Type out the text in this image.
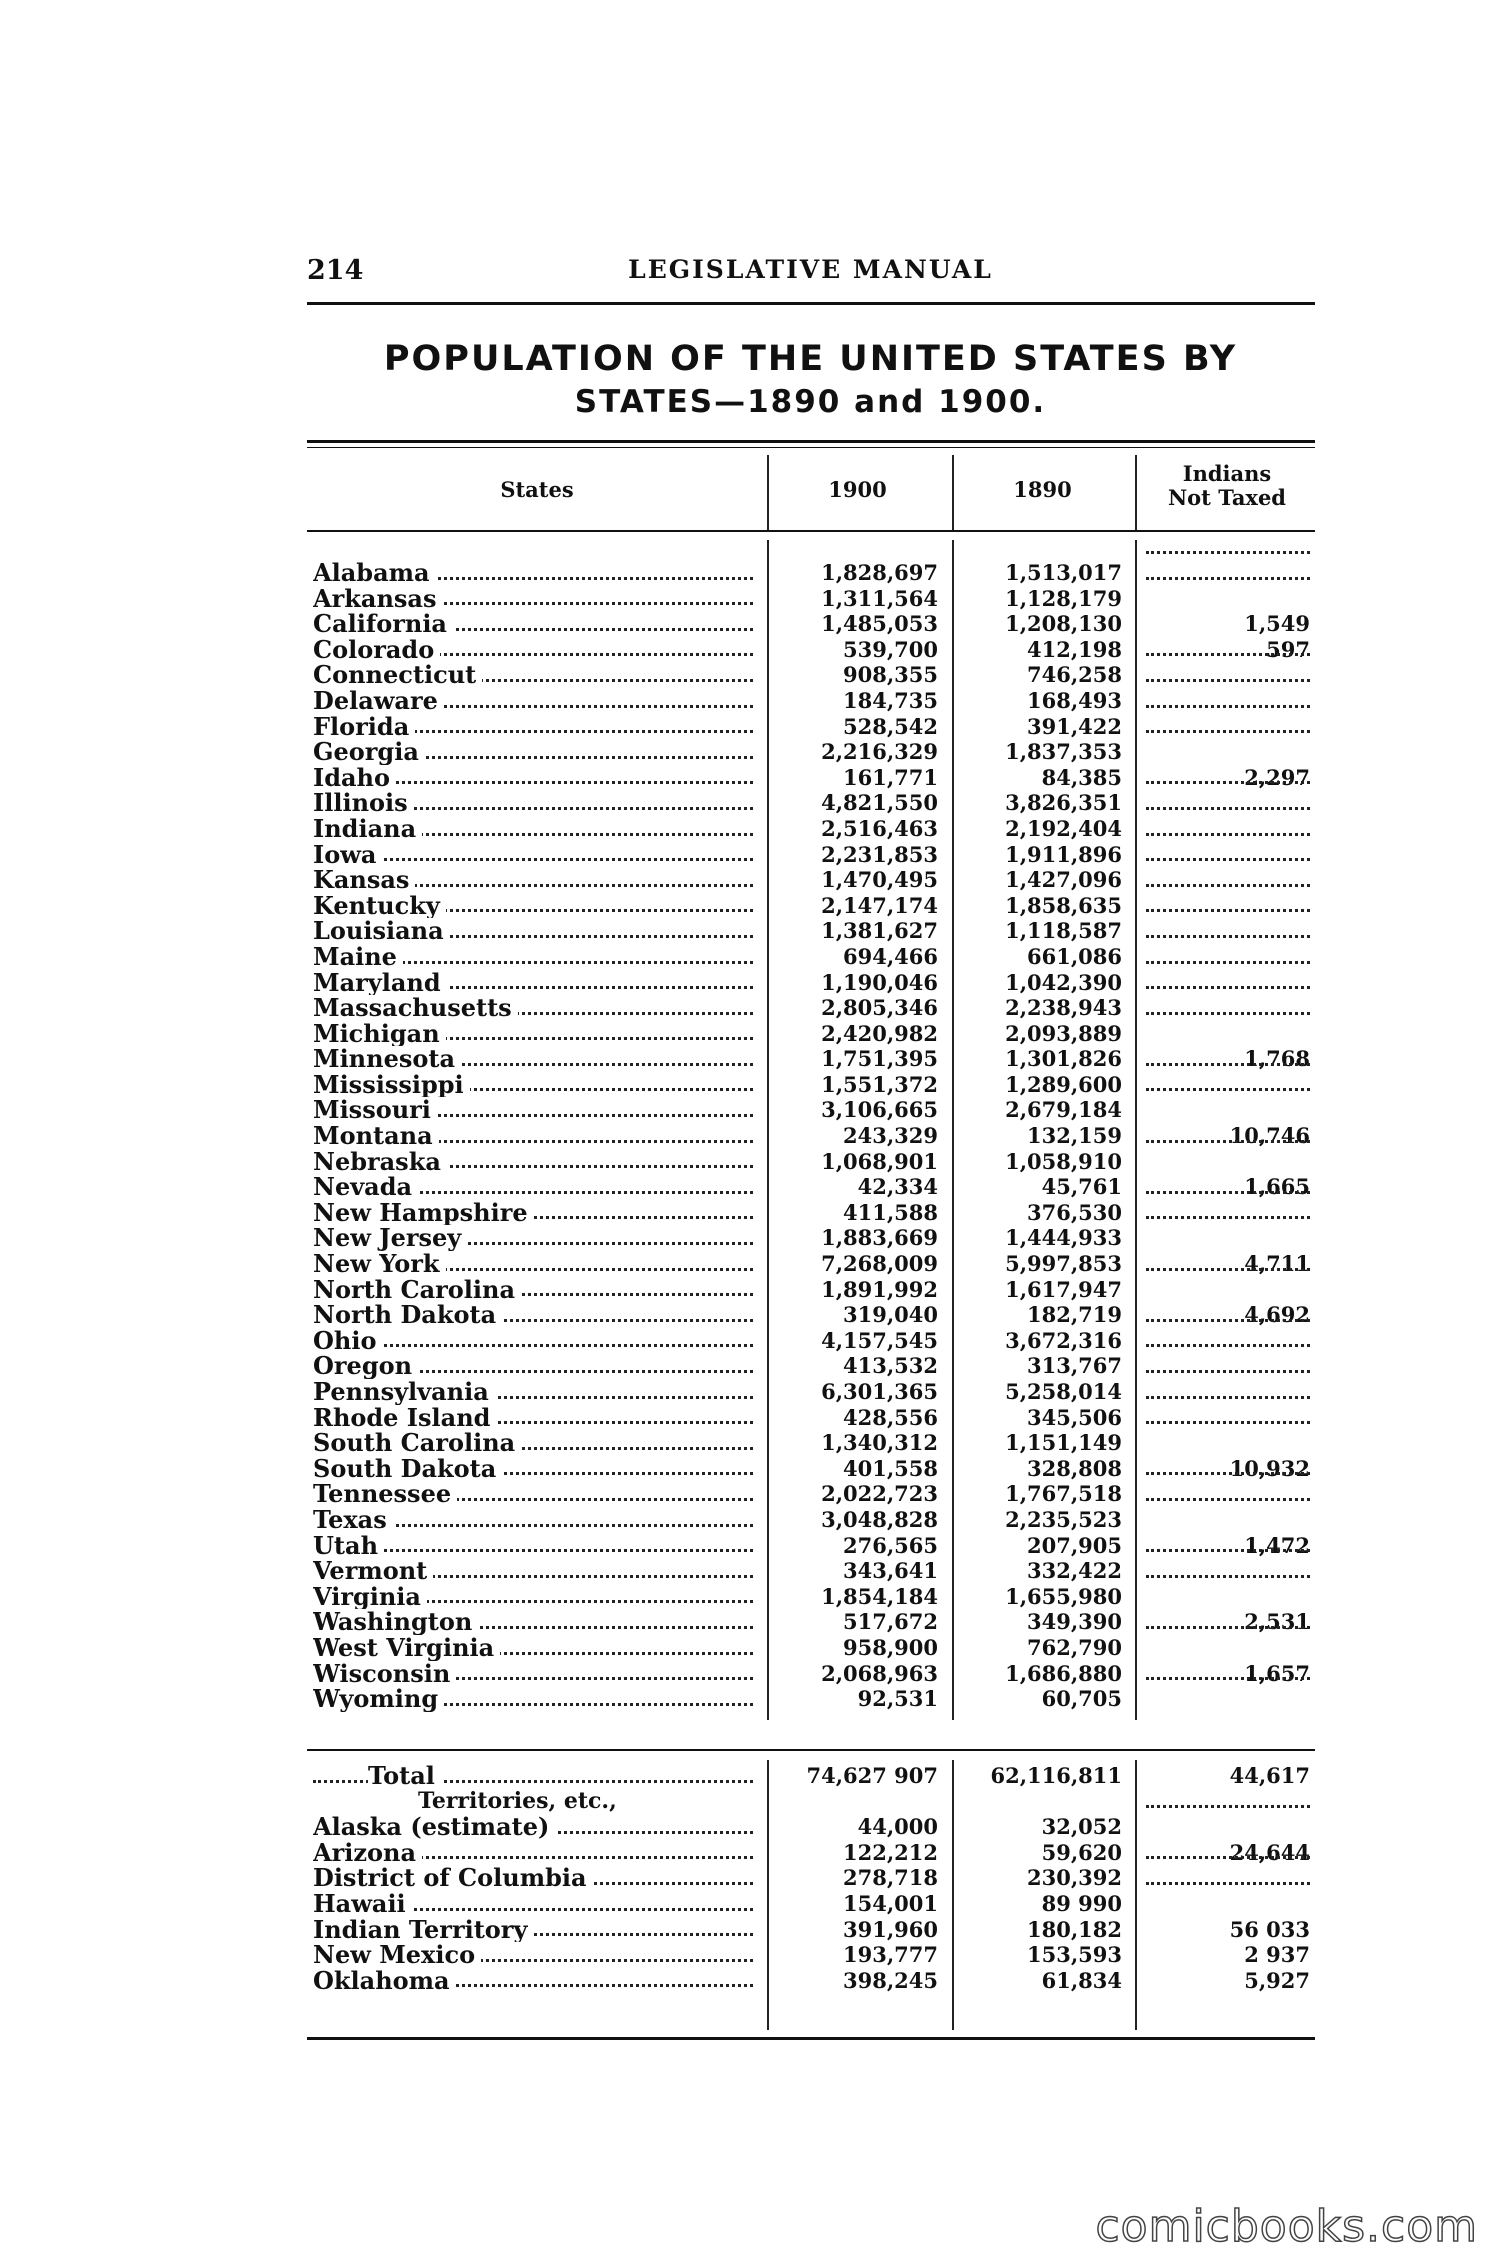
214	LEGISLATIVE MANUAL
POPULATION OF THE UNITED STATES BY
STATES—1890 and 1900.
States	1900	1890
Indians
Not Taxed
Alabama	1,828,697	1,513,017
Arkansas	1,311,564	1,128,179
California	1,485,053	1,208,130	1,549
Colorado	539,700	412,198	597
Connecticut	908,355	746,258
Delaware	184,735	168,493
Florida	528,542	391,422
Georgia	2,216,329	1,837,353
Idaho	161,771	84,385	2,297
Illinois	4,821,550	3,826,351
Indiana	2,516,463	2,192,404
Iowa	2,231,853	1,911,896
Kansas	1,470,495	1,427,096
Kentucky	2,147,174	1,858,635
Louisiana	1,381,627	1,118,587
Maine	694,466	661,086
Maryland	1,190,046	1,042,390
Massachusetts	2,805,346	2,238,943
Michigan	2,420,982	2,093,889
Minnesota	1,751,395	1,301,826	1,768
Mississippi	1,551,372	1,289,600
Missouri	3,106,665	2,679,184
Montana	243,329	132,159	10,746
Nebraska	1,068,901	1,058,910
Nevada	42,334	45,761	1,665
New Hampshire	411,588	376,530
New Jersey	1,883,669	1,444,933
New York	7,268,009	5,997,853	4,711
North Carolina	1,891,992	1,617,947
North Dakota	319,040	182,719	4,692
Ohio	4,157,545	3,672,316
Oregon	413,532	313,767
Pennsylvania	6,301,365	5,258,014
Rhode Island	428,556	345,506
South Carolina	1,340,312	1,151,149
South Dakota	401,558	328,808	10,932
Tennessee	2,022,723	1,767,518
Texas	3,048,828	2,235,523
Utah	276,565	207,905	1,472
Vermont	343,641	332,422
Virginia	1,854,184	1,655,980
Washington	517,672	349,390	2,531
West Virginia	958,900	762,790
Wisconsin	2,068,963	1,686,880	1,657
Wyoming	92,531	60,705
Total	74,627 907	62,116,811	44,617
Territories, etc.,
Alaska (estimate)	44,000	32,052
Arizona	122,212	59,620	24,644
District of Columbia	278,718	230,392
Hawaii	154,001	89 990
Indian Territory	391,960	180,182	56 033
New Mexico	193,777	153,593	2 937
Oklahoma	398,245	61,834	5,927
comicbooks.com
